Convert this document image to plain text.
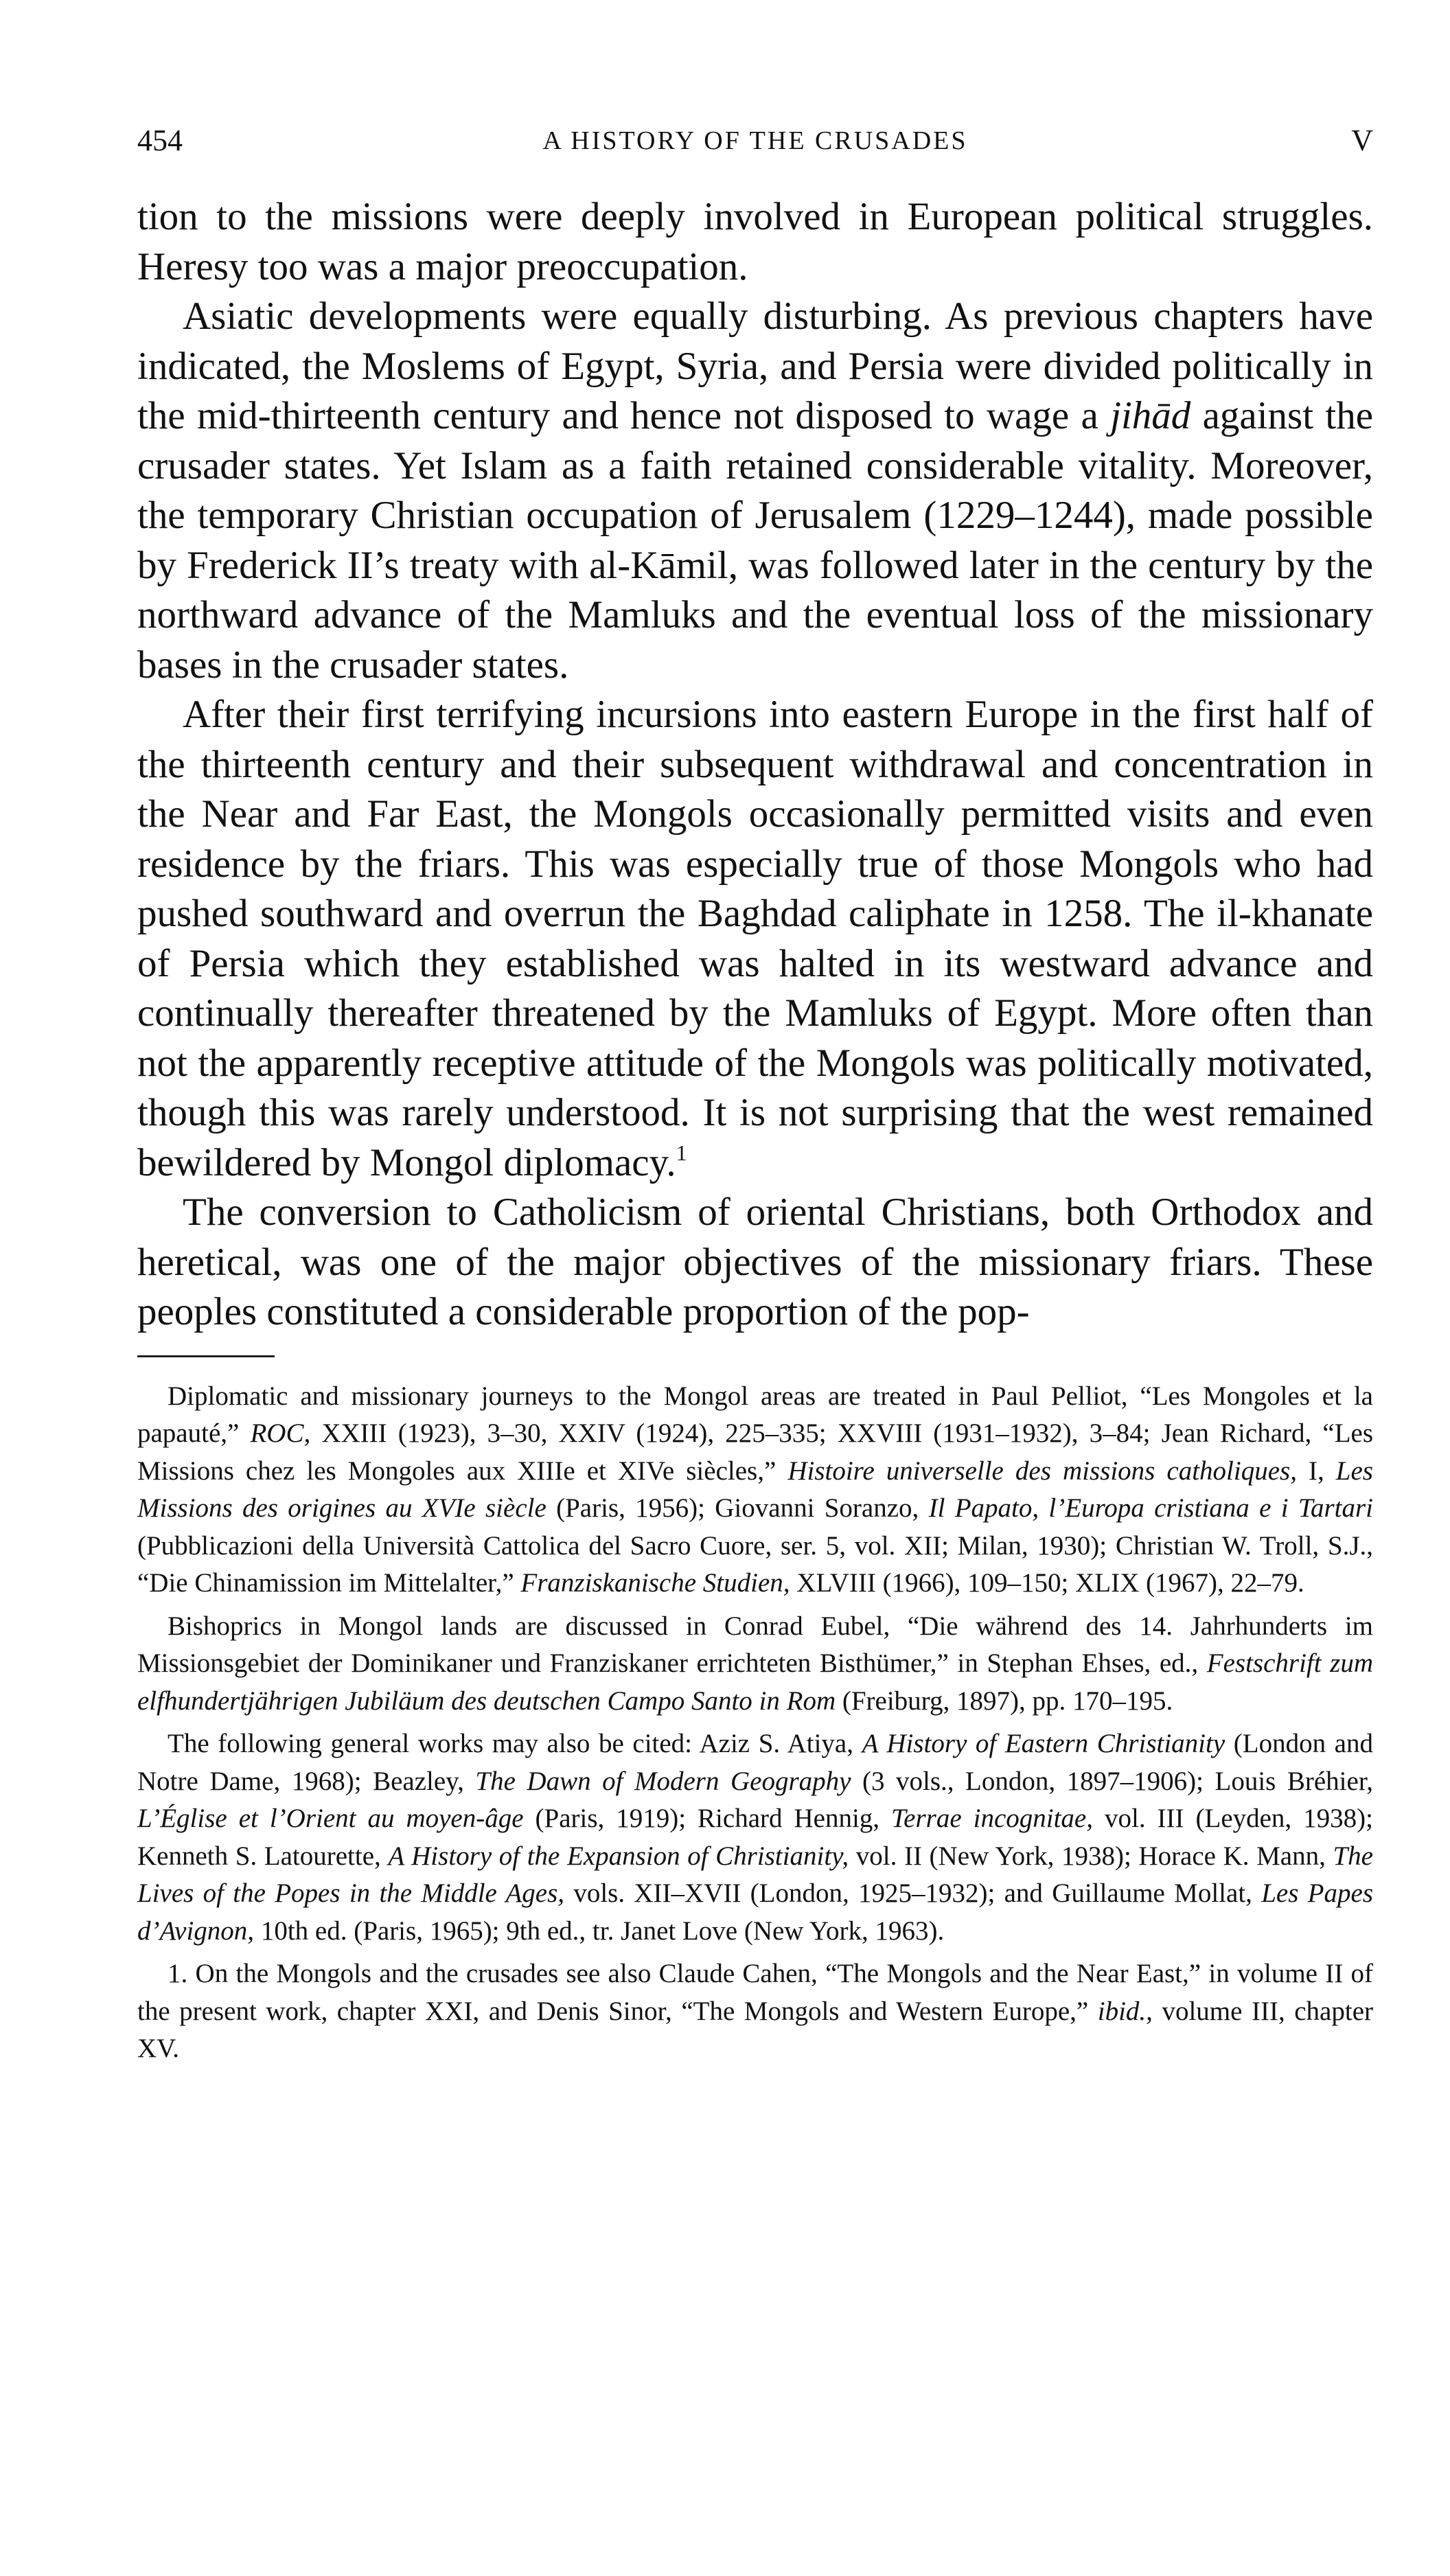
454	A HISTORY OF THE CRUSADES	V

tion to the missions were deeply involved in European political struggles. Heresy too was a major preoccupation.

Asiatic developments were equally disturbing. As previous chapters have indicated, the Moslems of Egypt, Syria, and Persia were divided politically in the mid-thirteenth century and hence not disposed to wage a jihād against the crusader states. Yet Islam as a faith retained considerable vitality. Moreover, the temporary Christian occupation of Jerusalem (1229–1244), made possible by Frederick II’s treaty with al-Kāmil, was followed later in the century by the northward advance of the Mamluks and the eventual loss of the missionary bases in the crusader states.

After their first terrifying incursions into eastern Europe in the first half of the thirteenth century and their subsequent withdrawal and concentration in the Near and Far East, the Mongols occasionally permitted visits and even residence by the friars. This was especially true of those Mongols who had pushed southward and overrun the Baghdad caliphate in 1258. The il-khanate of Persia which they established was halted in its westward advance and continually thereafter threatened by the Mamluks of Egypt. More often than not the apparently receptive attitude of the Mongols was politically motivated, though this was rarely understood. It is not surprising that the west remained bewildered by Mongol diplomacy.$^1$

The conversion to Catholicism of oriental Christians, both Orthodox and heretical, was one of the major objectives of the missionary friars. These peoples constituted a considerable proportion of the pop-

Diplomatic and missionary journeys to the Mongol areas are treated in Paul Pelliot, “Les Mongoles et la papauté,” ROC, XXIII (1923), 3–30, XXIV (1924), 225–335; XXVIII (1931–1932), 3–84; Jean Richard, “Les Missions chez les Mongoles aux XIIIe et XIVe siècles,” Histoire universelle des missions catholiques, I, Les Missions des origines au XVIe siècle (Paris, 1956); Giovanni Soranzo, Il Papato, l’Europa cristiana e i Tartari (Pubblicazioni della Università Cattolica del Sacro Cuore, ser. 5, vol. XII; Milan, 1930); Christian W. Troll, S.J., “Die Chinamission im Mittelalter,” Franziskanische Studien, XLVIII (1966), 109–150; XLIX (1967), 22–79.

Bishoprics in Mongol lands are discussed in Conrad Eubel, “Die während des 14. Jahrhunderts im Missionsgebiet der Dominikaner und Franziskaner errichteten Bisthümer,” in Stephan Ehses, ed., Festschrift zum elfhundertjährigen Jubiläum des deutschen Campo Santo in Rom (Freiburg, 1897), pp. 170–195.

The following general works may also be cited: Aziz S. Atiya, A History of Eastern Christianity (London and Notre Dame, 1968); Beazley, The Dawn of Modern Geography (3 vols., London, 1897–1906); Louis Bréhier, L’Église et l’Orient au moyen-âge (Paris, 1919); Richard Hennig, Terrae incognitae, vol. III (Leyden, 1938); Kenneth S. Latourette, A History of the Expansion of Christianity, vol. II (New York, 1938); Horace K. Mann, The Lives of the Popes in the Middle Ages, vols. XII–XVII (London, 1925–1932); and Guillaume Mollat, Les Papes d’Avignon, 10th ed. (Paris, 1965); 9th ed., tr. Janet Love (New York, 1963).

1. On the Mongols and the crusades see also Claude Cahen, “The Mongols and the Near East,” in volume II of the present work, chapter XXI, and Denis Sinor, “The Mongols and Western Europe,” ibid., volume III, chapter XV.
